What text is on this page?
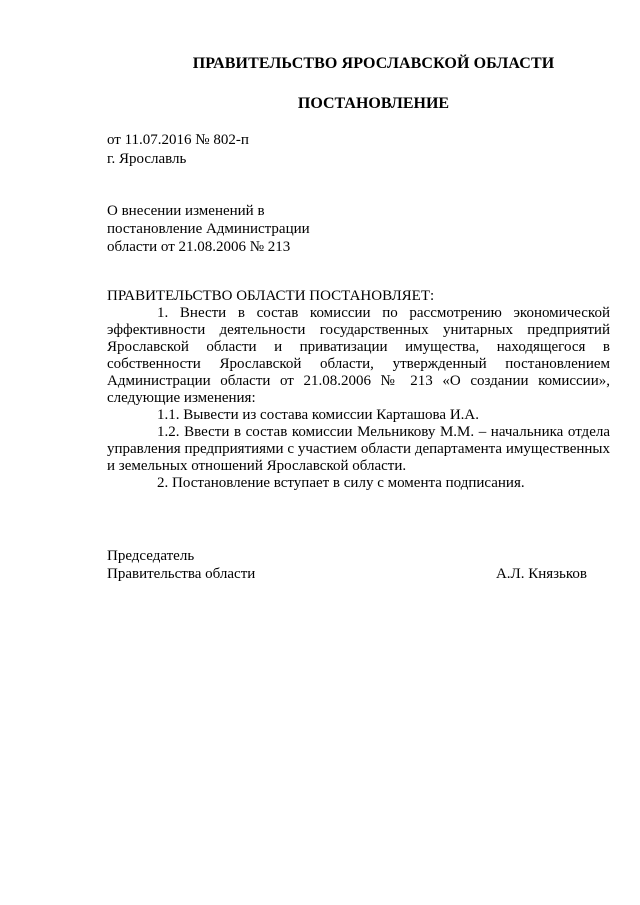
ПРАВИТЕЛЬСТВО ЯРОСЛАВСКОЙ ОБЛАСТИ
ПОСТАНОВЛЕНИЕ
от 11.07.2016 № 802-п
г. Ярославль
О внесении изменений в
постановление Администрации
области от 21.08.2006 № 213

ПРАВИТЕЛЬСТВО ОБЛАСТИ ПОСТАНОВЛЯЕТ:

1. Внести в состав комиссии по рассмотрению экономической эффективности деятельности государственных унитарных предприятий Ярославской области и приватизации имущества, находящегося в собственности Ярославской области, утвержденный постановлением Администрации области от 21.08.2006 № 213 «О создании комиссии», следующие изменения:

1.1. Вывести из состава комиссии Карташова И.А.

1.2. Ввести в состав комиссии Мельникову М.М. – начальника отдела управления предприятиями с участием области департамента имущественных и земельных отношений Ярославской области.

2. Постановление вступает в силу с момента подписания.

Председатель
Правительства области	А.Л. Князьков
